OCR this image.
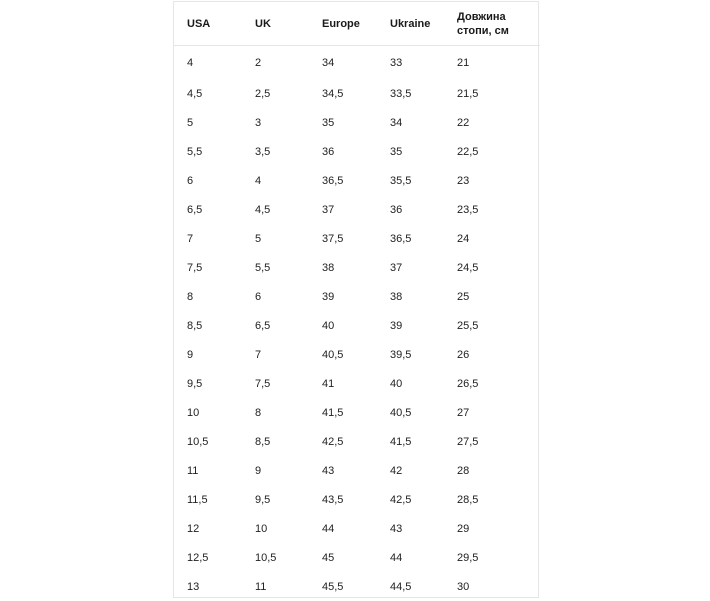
USA	UK	Europe	Ukraine	Довжина стопи, см
4	2	34	33	21
4,5	2,5	34,5	33,5	21,5
5	3	35	34	22
5,5	3,5	36	35	22,5
6	4	36,5	35,5	23
6,5	4,5	37	36	23,5
7	5	37,5	36,5	24
7,5	5,5	38	37	24,5
8	6	39	38	25
8,5	6,5	40	39	25,5
9	7	40,5	39,5	26
9,5	7,5	41	40	26,5
10	8	41,5	40,5	27
10,5	8,5	42,5	41,5	27,5
11	9	43	42	28
11,5	9,5	43,5	42,5	28,5
12	10	44	43	29
12,5	10,5	45	44	29,5
13	11	45,5	44,5	30
